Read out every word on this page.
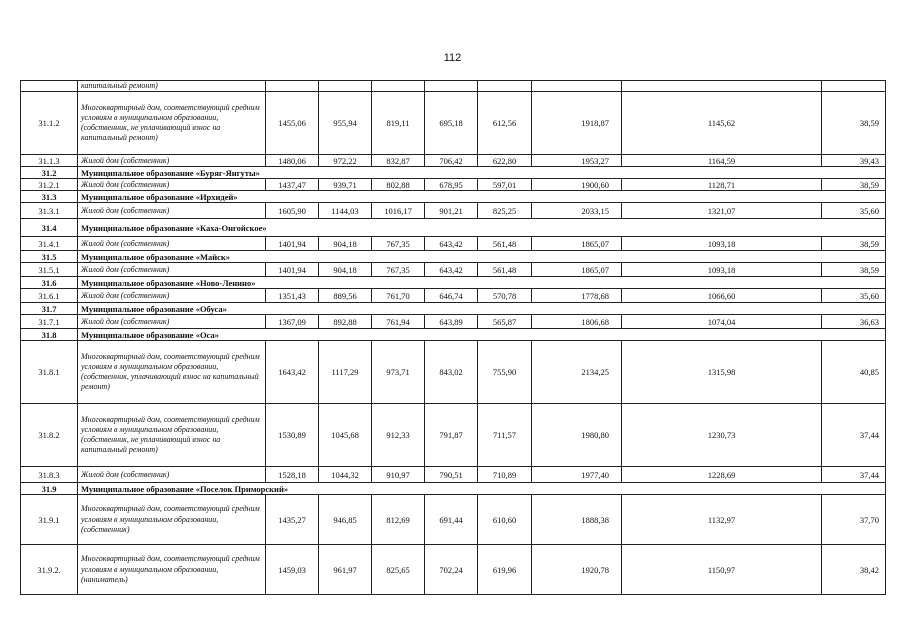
112
	капитальный ремонт)								
31.1.2	Многоквартирный дом, соответствующий средним условиям в муниципальном образовании, (собственник, не уплачивающий взнос на капитальный ремонт)	1455,06	955,94	819,11	695,18	612,56	1918,87	1145,62	38,59
31.1.3	Жилой дом (собственник)	1480,06	972,22	832,87	706,42	622,80	1953,27	1164,59	39,43
31.2	Муниципальное образование «Буряг-Янгуты»								
31.2.1	Жилой дом (собственник)	1437,47	939,71	802,88	678,95	597,01	1900,60	1128,71	38,59
31.3	Муниципальное образование «Ирхидей»								
31.3.1	Жилой дом (собственник)	1605,90	1144,03	1016,17	901,21	825,25	2033,15	1321,07	35,60
31.4	Муниципальное образование «Каха-Онгойское»								
31.4.1	Жилой дом (собственник)	1401,94	904,18	767,35	643,42	561,48	1865,07	1093,18	38,59
31.5	Муниципальное образование «Майск»								
31.5.1	Жилой дом (собственник)	1401,94	904,18	767,35	643,42	561,48	1865,07	1093,18	38,59
31.6	Муниципальное образование «Ново-Ленино»								
31.6.1	Жилой дом (собственник)	1351,43	889,56	761,70	646,74	570,78	1778,68	1066,60	35,60
31.7	Муниципальное образование «Обуса»								
31.7.1	Жилой дом (собственник)	1367,09	892,88	761,94	643,89	565,87	1806,68	1074,04	36,63
31.8	Муниципальное образование «Оса»								
31.8.1	Многоквартирный дом, соответствующий средним условиям в муниципальном образовании, (собственник, уплачивающий взнос на капитальный ремонт)	1643,42	1117,29	973,71	843,02	755,90	2134,25	1315,98	40,85
31.8.2	Многоквартирный дом, соответствующий средним условиям в муниципальном образовании, (собственник, не уплачивающий взнос на капитальный ремонт)	1530,89	1045,68	912,33	791,87	711,57	1980,80	1230,73	37,44
31.8.3	Жилой дом (собственник)	1528,18	1044,32	910,97	790,51	710,89	1977,40	1228,69	37,44
31.9	Муниципальное образование «Поселок Приморский»								
31.9.1	Многоквартирный дом, соответствующий средним условиям в муниципальном образовании, (собственник)	1435,27	946,85	812,69	691,44	610,60	1888,38	1132,97	37,70
31.9.2.	Многоквартирный дом, соответствующий средним условиям в муниципальном образовании, (наниматель)	1459,03	961,97	825,65	702,24	619,96	1920,78	1150,97	38,42
